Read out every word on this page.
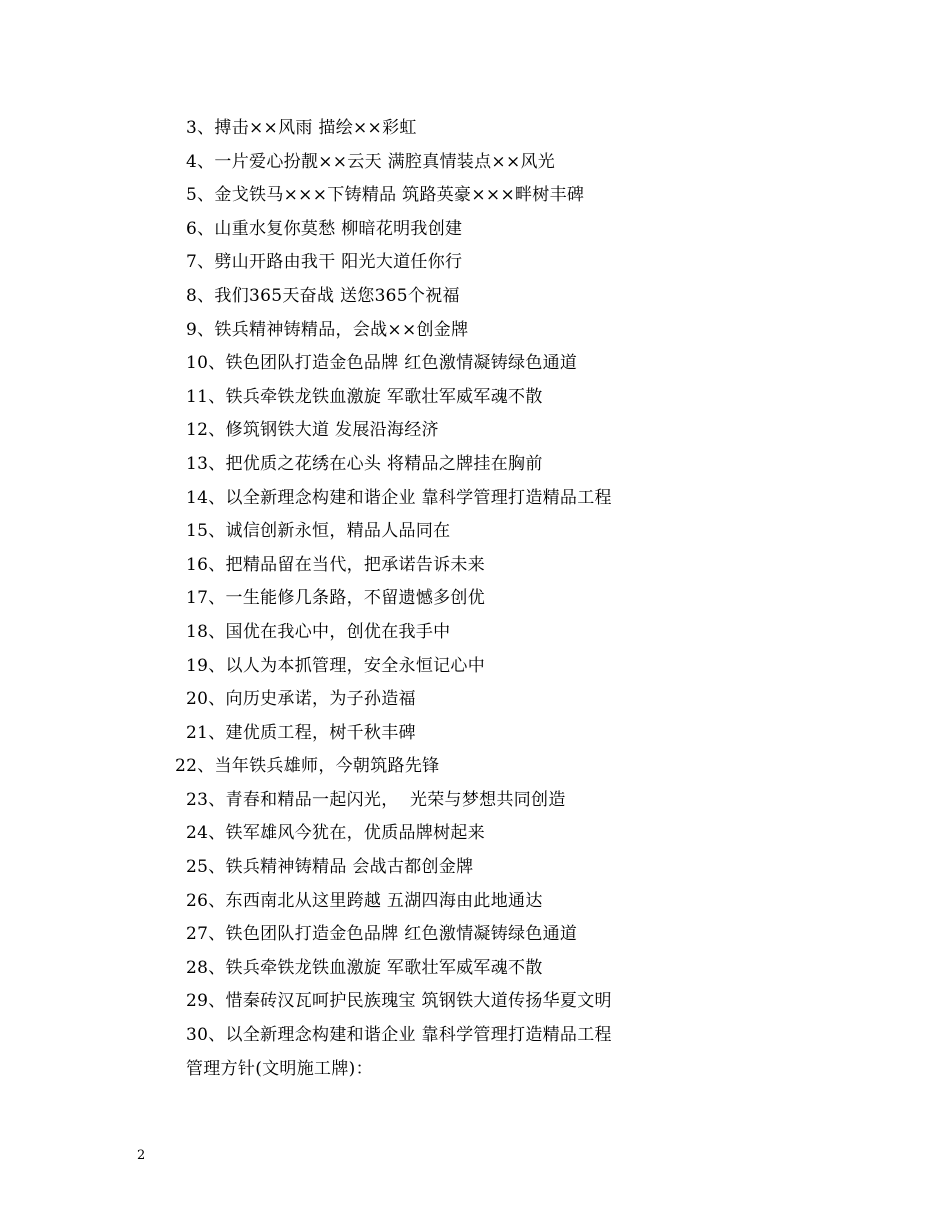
3、搏击××风雨 描绘××彩虹
4、一片爱心扮靓××云天 满腔真情装点××风光
5、金戈铁马×××下铸精品 筑路英豪×××畔树丰碑
6、山重水复你莫愁 柳暗花明我创建
7、劈山开路由我干 阳光大道任你行
8、我们365天奋战 送您365个祝福
9、铁兵精神铸精品，会战××创金牌
10、铁色团队打造金色品牌 红色激情凝铸绿色通道
11、铁兵牵铁龙铁血激旋 军歌壮军威军魂不散
12、修筑钢铁大道 发展沿海经济
13、把优质之花绣在心头 将精品之牌挂在胸前
14、以全新理念构建和谐企业 靠科学管理打造精品工程
15、诚信创新永恒，精品人品同在
16、把精品留在当代，把承诺告诉未来
17、一生能修几条路，不留遗憾多创优
18、国优在我心中，创优在我手中
19、以人为本抓管理，安全永恒记心中
20、向历史承诺，为子孙造福
21、建优质工程，树千秋丰碑
22、当年铁兵雄师，今朝筑路先锋
23、青春和精品一起闪光，  光荣与梦想共同创造
24、铁军雄风今犹在，优质品牌树起来
25、铁兵精神铸精品 会战古都创金牌
26、东西南北从这里跨越 五湖四海由此地通达
27、铁色团队打造金色品牌 红色激情凝铸绿色通道
28、铁兵牵铁龙铁血激旋 军歌壮军威军魂不散
29、惜秦砖汉瓦呵护民族瑰宝 筑钢铁大道传扬华夏文明
30、以全新理念构建和谐企业 靠科学管理打造精品工程
管理方针(文明施工牌)：
2
